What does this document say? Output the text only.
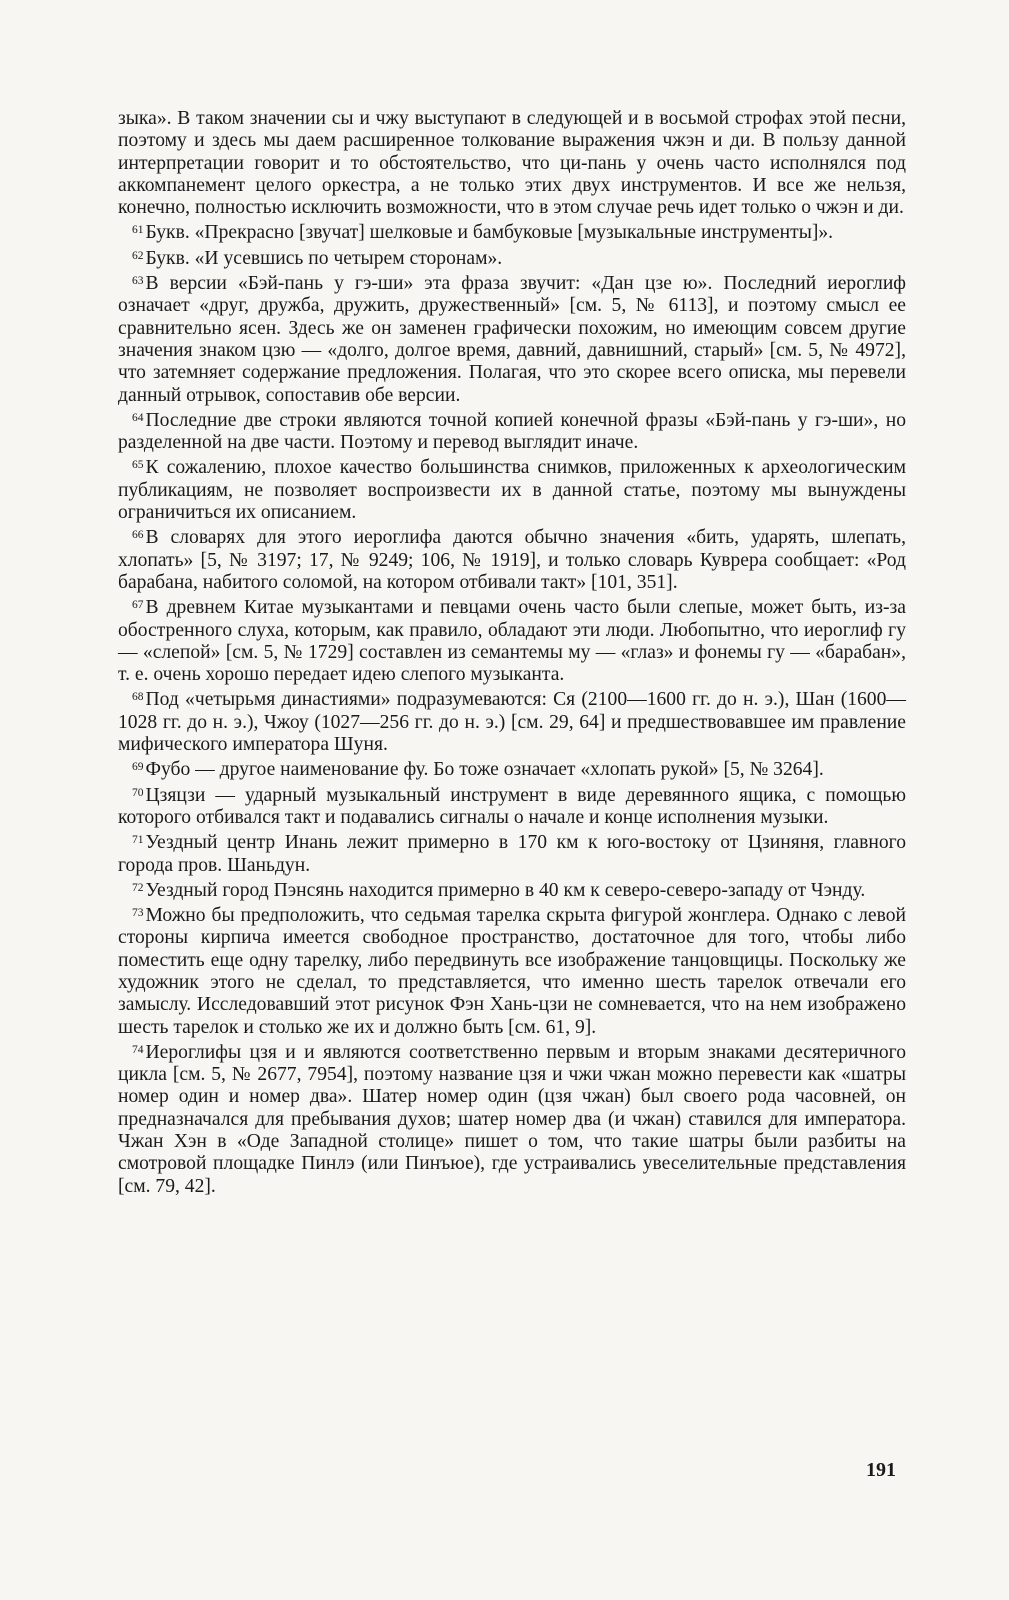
зыка». В таком значении сы и чжу выступают в следующей и в восьмой строфах этой песни, поэтому и здесь мы даем расширенное толкование выражения чжэн и ди. В пользу данной интерпретации говорит и то обстоятельство, что ци-пань у очень часто исполнялся под аккомпанемент целого оркестра, а не только этих двух инструментов. И все же нельзя, конечно, полностью исключить возможности, что в этом случае речь идет только о чжэн и ди.

$^{61}$ Букв. «Прекрасно [звучат] шелковые и бамбуковые [музыкальные инструменты]».

$^{62}$ Букв. «И усевшись по четырем сторонам».

$^{63}$ В версии «Бэй-пань у гэ-ши» эта фраза звучит: «Дан цзе ю». Последний иероглиф означает «друг, дружба, дружить, дружественный» [см. 5, № 6113], и поэтому смысл ее сравнительно ясен. Здесь же он заменен графически похожим, но имеющим совсем другие значения знаком цзю — «долго, долгое время, давний, давнишний, старый» [см. 5, № 4972], что затемняет содержание предложения. Полагая, что это скорее всего описка, мы перевели данный отрывок, сопоставив обе версии.

$^{64}$ Последние две строки являются точной копией конечной фразы «Бэй-пань у гэ-ши», но разделенной на две части. Поэтому и перевод выглядит иначе.

$^{65}$ К сожалению, плохое качество большинства снимков, приложенных к археологическим публикациям, не позволяет воспроизвести их в данной статье, поэтому мы вынуждены ограничиться их описанием.

$^{66}$ В словарях для этого иероглифа даются обычно значения «бить, ударять, шлепать, хлопать» [5, № 3197; 17, № 9249; 106, № 1919], и только словарь Куврера сообщает: «Род барабана, набитого соломой, на котором отбивали такт» [101, 351].

$^{67}$ В древнем Китае музыкантами и певцами очень часто были слепые, может быть, из-за обостренного слуха, которым, как правило, обладают эти люди. Любопытно, что иероглиф гу — «слепой» [см. 5, № 1729] составлен из семантемы му — «глаз» и фонемы гу — «барабан», т. е. очень хорошо передает идею слепого музыканта.

$^{68}$ Под «четырьмя династиями» подразумеваются: Ся (2100—1600 гг. до н. э.), Шан (1600—1028 гг. до н. э.), Чжоу (1027—256 гг. до н. э.) [см. 29, 64] и предшествовавшее им правление мифического императора Шуня.

$^{69}$ Фубо — другое наименование фу. Бо тоже означает «хлопать рукой» [5, № 3264].

$^{70}$ Цзяцзи — ударный музыкальный инструмент в виде деревянного ящика, с помощью которого отбивался такт и подавались сигналы о начале и конце исполнения музыки.

$^{71}$ Уездный центр Инань лежит примерно в 170 км к юго-востоку от Цзиняня, главного города пров. Шаньдун.

$^{72}$ Уездный город Пэнсянь находится примерно в 40 км к северо-северо-западу от Чэнду.

$^{73}$ Можно бы предположить, что седьмая тарелка скрыта фигурой жонглера. Однако с левой стороны кирпича имеется свободное пространство, достаточное для того, чтобы либо поместить еще одну тарелку, либо передвинуть все изображение танцовщицы. Поскольку же художник этого не сделал, то представляется, что именно шесть тарелок отвечали его замыслу. Исследовавший этот рисунок Фэн Хань-цзи не сомневается, что на нем изображено шесть тарелок и столько же их и должно быть [см. 61, 9].

$^{74}$ Иероглифы цзя и и являются соответственно первым и вторым знаками десятеричного цикла [см. 5, № 2677, 7954], поэтому название цзя и чжи чжан можно перевести как «шатры номер один и номер два». Шатер номер один (цзя чжан) был своего рода часовней, он предназначался для пребывания духов; шатер номер два (и чжан) ставился для императора. Чжан Хэн в «Оде Западной столице» пишет о том, что такие шатры были разбиты на смотровой площадке Пинлэ (или Пинъюе), где устраивались увеселительные представления [см. 79, 42].

191
